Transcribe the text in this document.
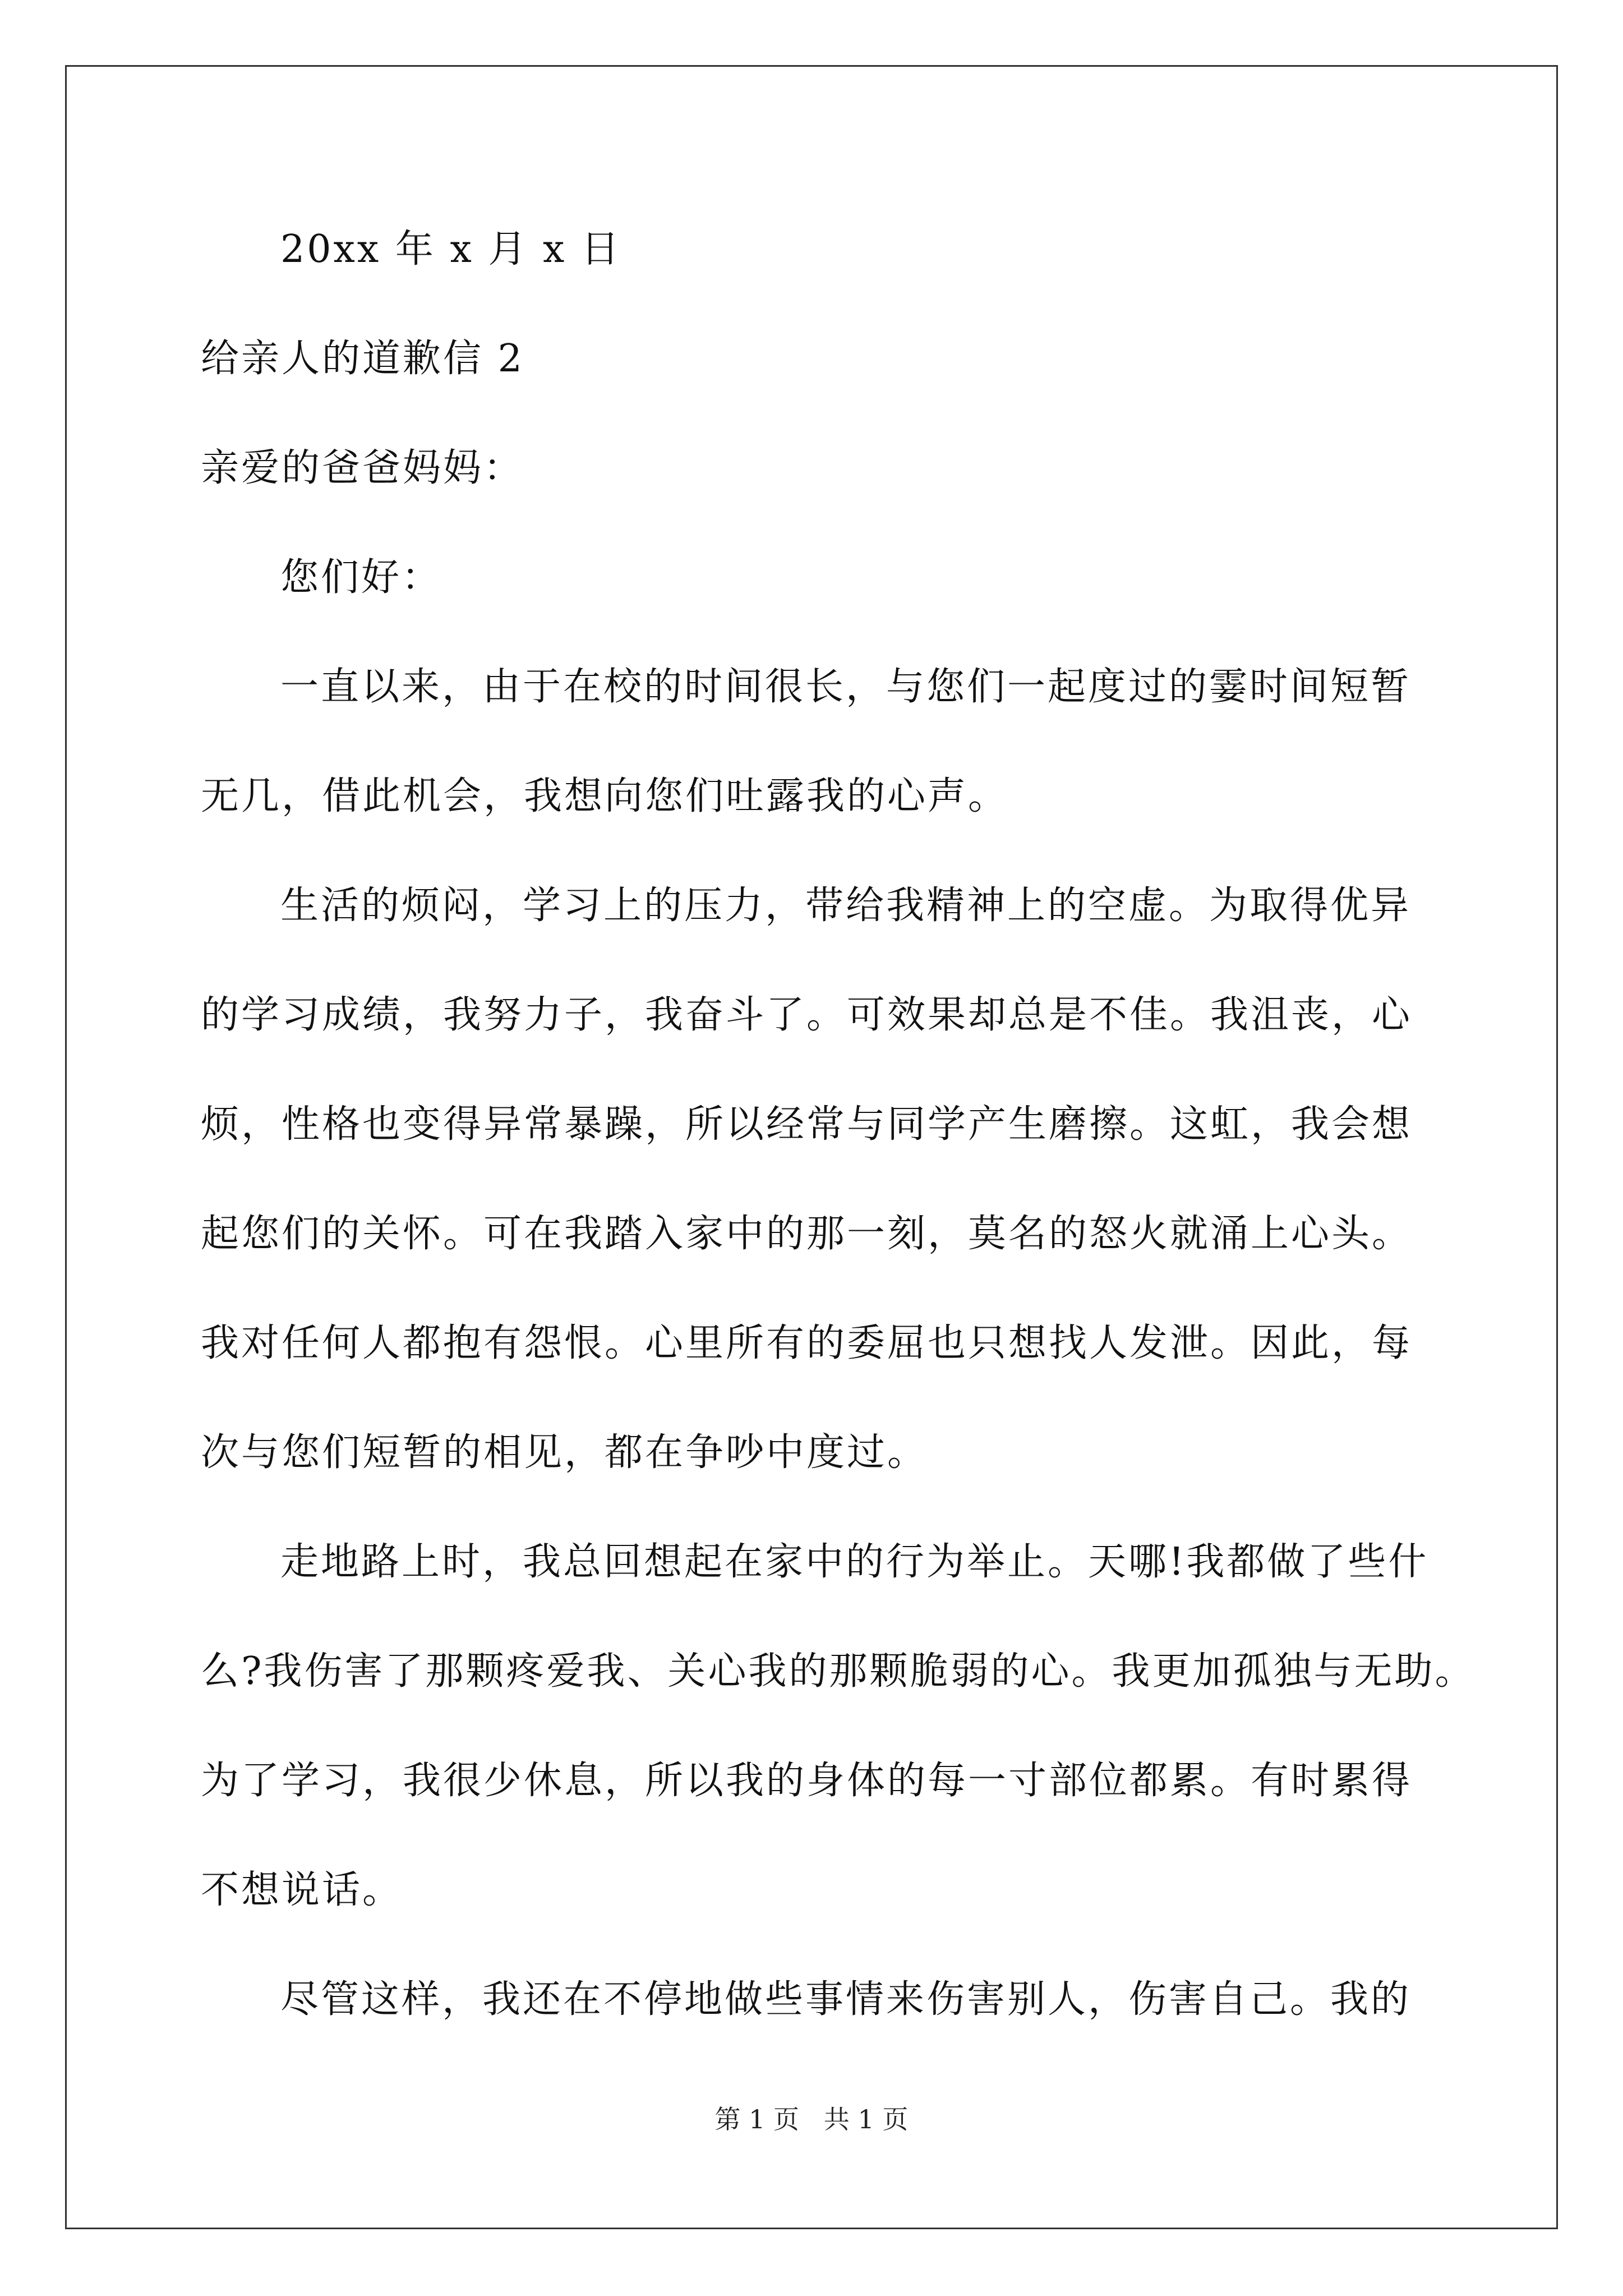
20xx 年 x 月 x 日
给亲人的道歉信 2
亲爱的爸爸妈妈：
您们好：
一直以来，由于在校的时间很长，与您们一起度过的霎时间短暂
无几，借此机会，我想向您们吐露我的心声。
生活的烦闷，学习上的压力，带给我精神上的空虚。为取得优异
的学习成绩，我努力子，我奋斗了。可效果却总是不佳。我沮丧，心
烦，性格也变得异常暴躁，所以经常与同学产生磨擦。这虹，我会想
起您们的关怀。可在我踏入家中的那一刻，莫名的怒火就涌上心头。
我对任何人都抱有怨恨。心里所有的委屈也只想找人发泄。因此，每
次与您们短暂的相见，都在争吵中度过。
走地路上时，我总回想起在家中的行为举止。天哪!我都做了些什
么?我伤害了那颗疼爱我、关心我的那颗脆弱的心。我更加孤独与无助。
为了学习，我很少休息，所以我的身体的每一寸部位都累。有时累得
不想说话。
尽管这样，我还在不停地做些事情来伤害别人，伤害自己。我的
第 1 页   共 1 页
